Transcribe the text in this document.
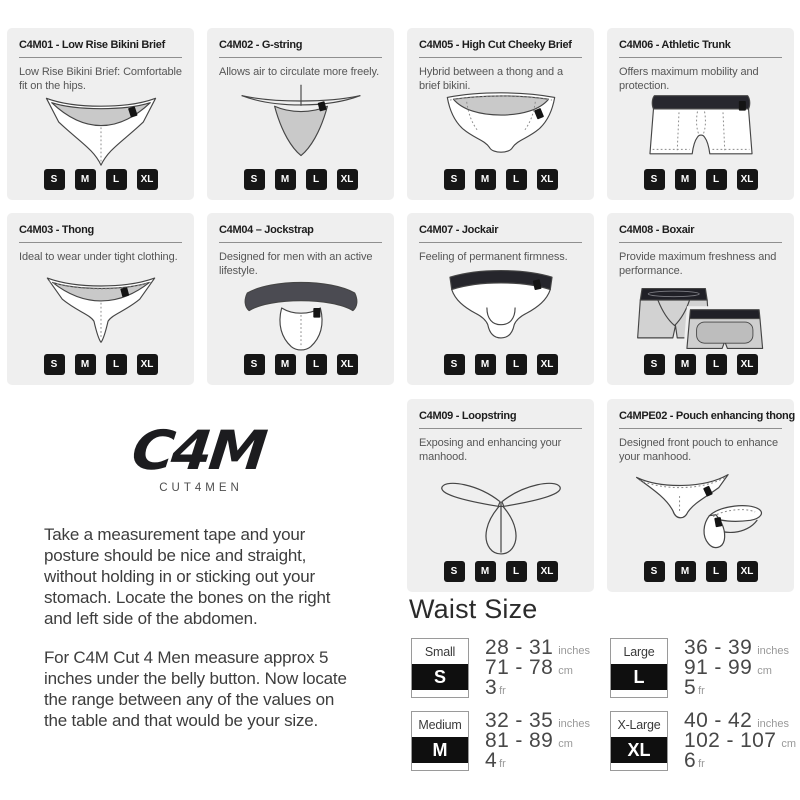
C4M01 - Low Rise Bikini Brief
Low Rise Bikini Brief: Comfortable fit on the hips.
S	M	L	XL
C4M02 - G-string
Allows air to circulate more freely.
S	M	L	XL
C4M05 - High Cut Cheeky Brief
Hybrid between a thong and a brief bikini.
S	M	L	XL
C4M06 - Athletic Trunk
Offers maximum mobility and protection.
S	M	L	XL
C4M03 - Thong
Ideal to wear under tight clothing.
S	M	L	XL
C4M04 – Jockstrap
Designed for men with an active lifestyle.
S	M	L	XL
C4M07 - Jockair
Feeling of permanent firmness.
S	M	L	XL
C4M08 - Boxair
Provide maximum freshness and performance.
S	M	L	XL
C4M09 - Loopstring
Exposing and enhancing your manhood.
S	M	L	XL
C4MPE02 - Pouch enhancing thong
Designed front pouch to enhance your manhood.
S	M	L	XL
C4M
CUT4MEN

Take a measurement tape and your posture should be nice and straight, without holding in or sticking out your stomach. Locate the bones on the right and left side of the abdomen.

For C4M Cut 4 Men measure approx 5 inches under the belly button. Now locate the range between any of the values on the table and that would be your size.

Waist Size
Small
S
28 - 31 inches
71 - 78 cm
3 fr
Medium
M
32 - 35 inches
81 - 89 cm
4 fr
Large
L
36 - 39 inches
91 - 99 cm
5 fr
X-Large
XL
40 - 42 inches
102 - 107 cm
6 fr
